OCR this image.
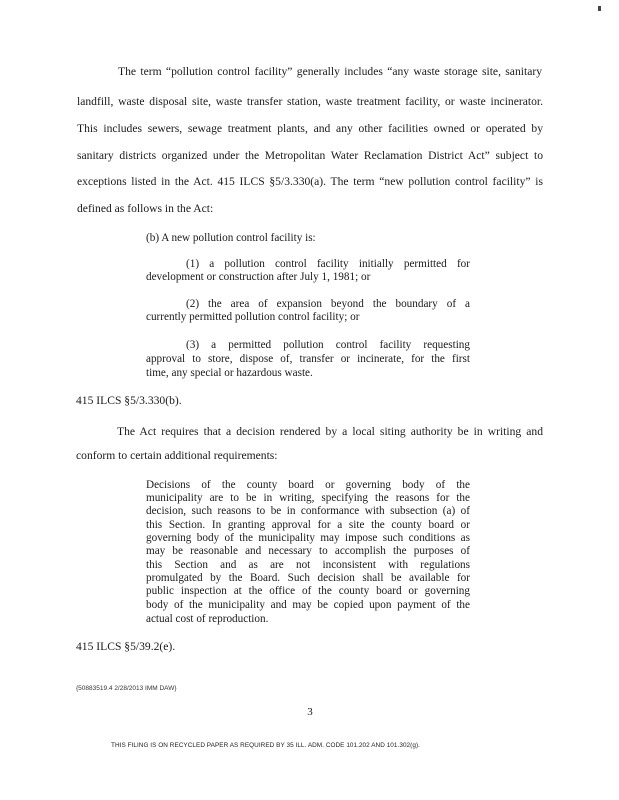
The term “pollution control facility” generally includes “any waste storage site, sanitary

landfill, waste disposal site, waste transfer station, waste treatment facility, or waste incinerator.

This includes sewers, sewage treatment plants, and any other facilities owned or operated by

sanitary districts organized under the Metropolitan Water Reclamation District Act” subject to

exceptions listed in the Act. 415 ILCS §5/3.330(a). The term “new pollution control facility” is

defined as follows in the Act:

(b) A new pollution control facility is:

(1) a pollution control facility initially permitted for

development or construction after July 1, 1981; or

(2) the area of expansion beyond the boundary of a

currently permitted pollution control facility; or

(3) a permitted pollution control facility requesting

approval to store, dispose of, transfer or incinerate, for the first

time, any special or hazardous waste.

415 ILCS §5/3.330(b).

The Act requires that a decision rendered by a local siting authority be in writing and

conform to certain additional requirements:

Decisions of the county board or governing body of the

municipality are to be in writing, specifying the reasons for the

decision, such reasons to be in conformance with subsection (a) of

this Section. In granting approval for a site the county board or

governing body of the municipality may impose such conditions as

may be reasonable and necessary to accomplish the purposes of

this Section and as are not inconsistent with regulations

promulgated by the Board. Such decision shall be available for

public inspection at the office of the county board or governing

body of the municipality and may be copied upon payment of the

actual cost of reproduction.

415 ILCS §5/39.2(e).

{50883519.4 2/28/2013 IMM DAW}
3
THIS FILING IS ON RECYCLED PAPER AS REQUIRED BY 35 ILL. ADM. CODE 101.202 AND 101.302(g).
